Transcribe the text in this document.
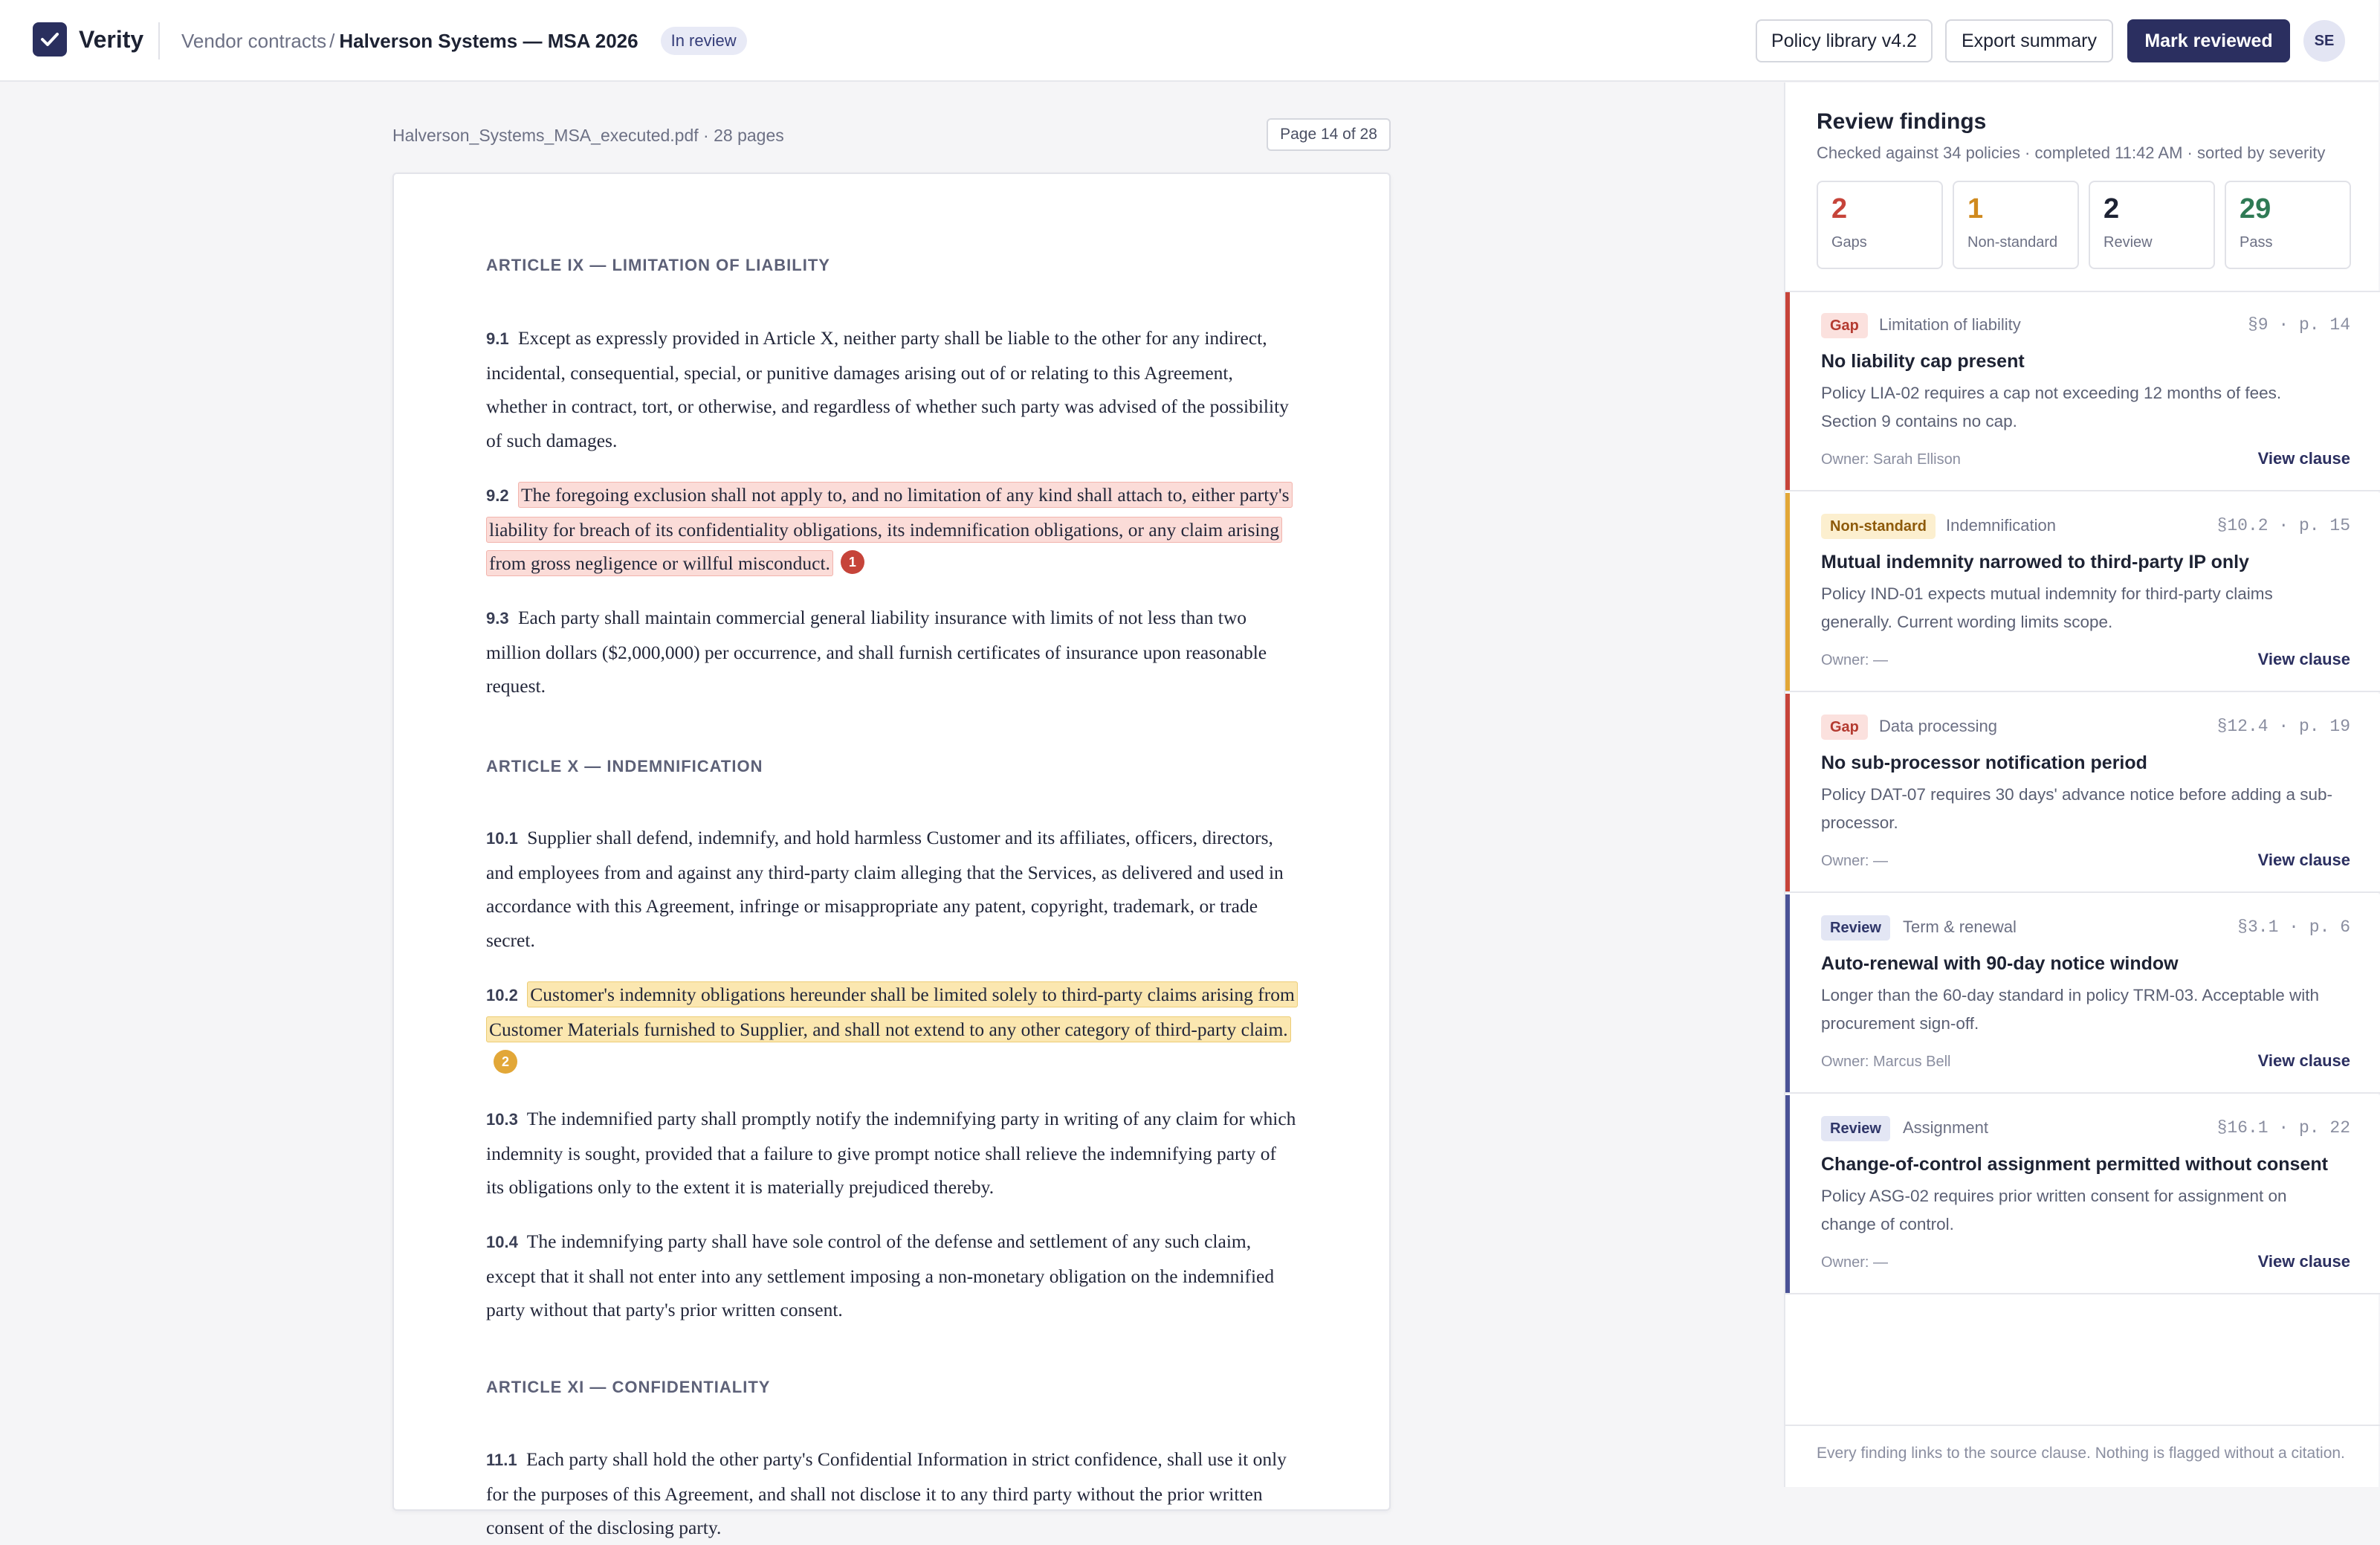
Verity Vendor contracts / Halverson Systems — MSA 2026	In review	Policy library v4.2	Export summary	Mark reviewed	SE
Halverson_Systems_MSA_executed.pdf · 28 pages	Page 14 of 28
ARTICLE IX — LIMITATION OF LIABILITY
9.1 Except as expressly provided in Article X, neither party shall be liable to the other for any indirect, incidental, consequential, special, or punitive damages arising out of or relating to this Agreement, whether in contract, tort, or otherwise, and regardless of whether such party was advised of the possibility of such damages.
9.2 The foregoing exclusion shall not apply to, and no limitation of any kind shall attach to, either party's liability for breach of its confidentiality obligations, its indemnification obligations, or any claim arising from gross negligence or willful misconduct. 1
9.3 Each party shall maintain commercial general liability insurance with limits of not less than two million dollars ($2,000,000) per occurrence, and shall furnish certificates of insurance upon reasonable request.
ARTICLE X — INDEMNIFICATION
10.1 Supplier shall defend, indemnify, and hold harmless Customer and its affiliates, officers, directors, and employees from and against any third-party claim alleging that the Services, as delivered and used in accordance with this Agreement, infringe or misappropriate any patent, copyright, trademark, or trade secret.
10.2 Customer's indemnity obligations hereunder shall be limited solely to third-party claims arising from Customer Materials furnished to Supplier, and shall not extend to any other category of third-party claim.2
10.3 The indemnified party shall promptly notify the indemnifying party in writing of any claim for which indemnity is sought, provided that a failure to give prompt notice shall relieve the indemnifying party of its obligations only to the extent it is materially prejudiced thereby.
10.4 The indemnifying party shall have sole control of the defense and settlement of any such claim, except that it shall not enter into any settlement imposing a non-monetary obligation on the indemnified party without that party's prior written consent.
ARTICLE XI — CONFIDENTIALITY
11.1 Each party shall hold the other party's Confidential Information in strict confidence, shall use it only for the purposes of this Agreement, and shall not disclose it to any third party without the prior written consent of the disclosing party.
Review findings
Checked against 34 policies · completed 11:42 AM · sorted by severity
2
Gaps
1
Non-standard
2
Review
29
Pass
Gap	Limitation of liability	§9 · p. 14
No liability cap present
Policy LIA-02 requires a cap not exceeding 12 months of fees. Section 9 contains no cap.
Owner: Sarah Ellison	View clause
Non-standard	Indemnification	§10.2 · p. 15
Mutual indemnity narrowed to third-party IP only
Policy IND-01 expects mutual indemnity for third-party claims generally. Current wording limits scope.
Owner: —	View clause
Gap	Data processing	§12.4 · p. 19
No sub-processor notification period
Policy DAT-07 requires 30 days' advance notice before adding a sub-processor.
Owner: —	View clause
Review	Term & renewal	§3.1 · p. 6
Auto-renewal with 90-day notice window
Longer than the 60-day standard in policy TRM-03. Acceptable with procurement sign-off.
Owner: Marcus Bell	View clause
Review	Assignment	§16.1 · p. 22
Change-of-control assignment permitted without consent
Policy ASG-02 requires prior written consent for assignment on change of control.
Owner: —	View clause
Every finding links to the source clause. Nothing is flagged without a citation.
